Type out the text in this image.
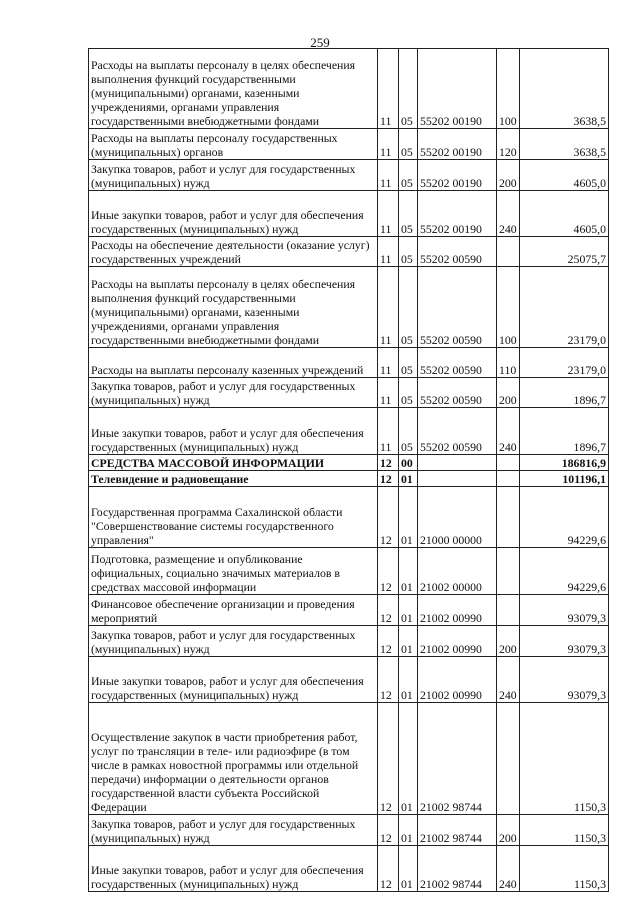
259
Расходы на выплаты персоналу в целях обеспечения выполнения функций государственными (муниципальными) органами, казенными учреждениями, органами управления государственными внебюджетными фондами	11	05	55202 00190	100	3638,5
Расходы на выплаты персоналу государственных (муниципальных) органов	11	05	55202 00190	120	3638,5
Закупка товаров, работ и услуг для государственных (муниципальных) нужд	11	05	55202 00190	200	4605,0
Иные закупки товаров, работ и услуг для обеспечения государственных (муниципальных) нужд	11	05	55202 00190	240	4605,0
Расходы на обеспечение деятельности (оказание услуг) государственных учреждений	11	05	55202 00590		25075,7
Расходы на выплаты персоналу в целях обеспечения выполнения функций государственными (муниципальными) органами, казенными учреждениями, органами управления государственными внебюджетными фондами	11	05	55202 00590	100	23179,0
Расходы на выплаты персоналу казенных учреждений	11	05	55202 00590	110	23179,0
Закупка товаров, работ и услуг для государственных (муниципальных) нужд	11	05	55202 00590	200	1896,7
Иные закупки товаров, работ и услуг для обеспечения государственных (муниципальных) нужд	11	05	55202 00590	240	1896,7
СРЕДСТВА МАССОВОЙ ИНФОРМАЦИИ	12	00			186816,9
Телевидение и радиовещание	12	01			101196,1
Государственная программа Сахалинской области "Совершенствование системы государственного управления"	12	01	21000 00000		94229,6
Подготовка, размещение и опубликование официальных, социально значимых материалов в средствах массовой информации	12	01	21002 00000		94229,6
Финансовое обеспечение организации и проведения мероприятий	12	01	21002 00990		93079,3
Закупка товаров, работ и услуг для государственных (муниципальных) нужд	12	01	21002 00990	200	93079,3
Иные закупки товаров, работ и услуг для обеспечения государственных (муниципальных) нужд	12	01	21002 00990	240	93079,3
Осуществление закупок в части приобретения работ, услуг по трансляции в теле- или радиоэфире (в том числе в рамках новостной программы или отдельной передачи) информации о деятельности органов государственной власти субъекта Российской Федерации	12	01	21002 98744		1150,3
Закупка товаров, работ и услуг для государственных (муниципальных) нужд	12	01	21002 98744	200	1150,3
Иные закупки товаров, работ и услуг для обеспечения государственных (муниципальных) нужд	12	01	21002 98744	240	1150,3
